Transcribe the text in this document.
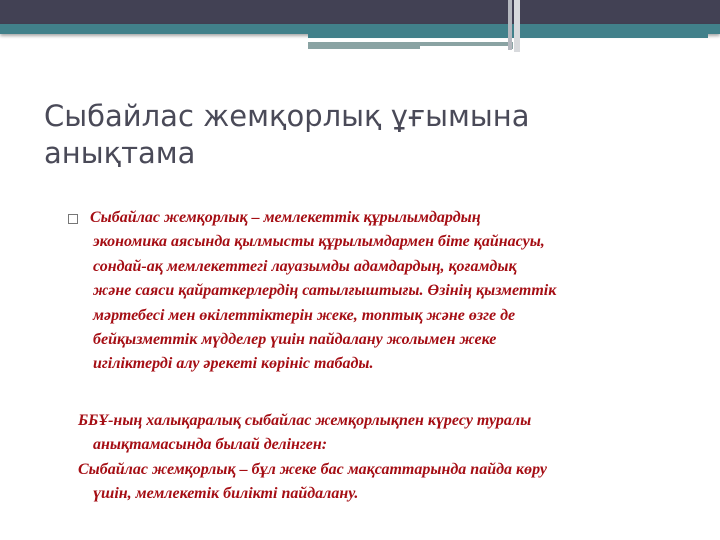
Сыбайлас жемқорлық ұғымына
анықтама
Сыбайлас жемқорлық – мемлекеттік құрылымдардың
экономика аясында қылмысты құрылымдармен біте қайнасуы,
сондай-ақ мемлекеттегі лауазымды адамдардың, қоғамдық
және саяси қайраткерлердің сатылғыштығы. Өзінің қызметтік
мәртебесі мен өкілеттіктерін жеке, топтық және өзге де
бейқызметтік мүдделер үшін пайдалану жолымен жеке
игіліктерді алу әрекеті көрініс табады.
ББҰ-ның халықаралық сыбайлас жемқорлықпен күресу туралы
анықтамасында былай делінген:
Сыбайлас жемқорлық – бұл жеке бас мақсаттарында пайда көру
үшін, мемлекетік билікті пайдалану.
